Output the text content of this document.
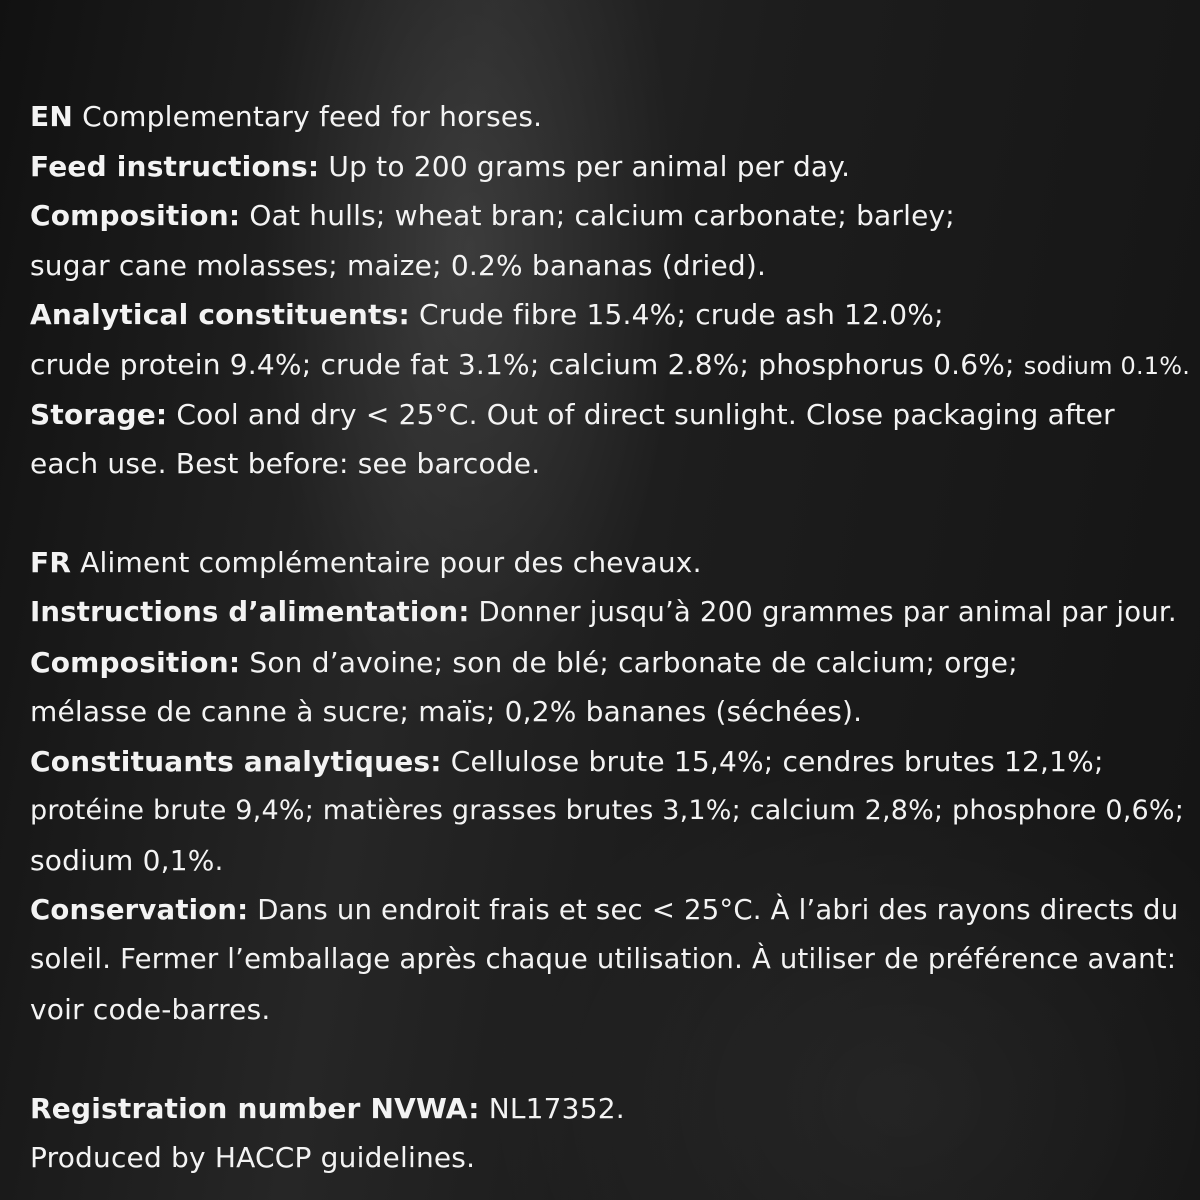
EN Complementary feed for horses.
Feed instructions: Up to 200 grams per animal per day.
Composition: Oat hulls; wheat bran; calcium carbonate; barley;
sugar cane molasses; maize; 0.2% bananas (dried).
Analytical constituents: Crude fibre 15.4%; crude ash 12.0%;
crude protein 9.4%; crude fat 3.1%; calcium 2.8%; phosphorus 0.6%; sodium 0.1%.
Storage: Cool and dry < 25°C. Out of direct sunlight. Close packaging after
each use. Best before: see barcode.
FR Aliment complémentaire pour des chevaux.
Instructions d’alimentation: Donner jusqu’à 200 grammes par animal par jour.
Composition: Son d’avoine; son de blé; carbonate de calcium; orge;
mélasse de canne à sucre; maïs; 0,2% bananes (séchées).
Constituants analytiques: Cellulose brute 15,4%; cendres brutes 12,1%;
protéine brute 9,4%; matières grasses brutes 3,1%; calcium 2,8%; phosphore 0,6%;
sodium 0,1%.
Conservation: Dans un endroit frais et sec < 25°C. À l’abri des rayons directs du
soleil. Fermer l’emballage après chaque utilisation. À utiliser de préférence avant:
voir code-barres.
Registration number NVWA: NL17352.
Produced by HACCP guidelines.
